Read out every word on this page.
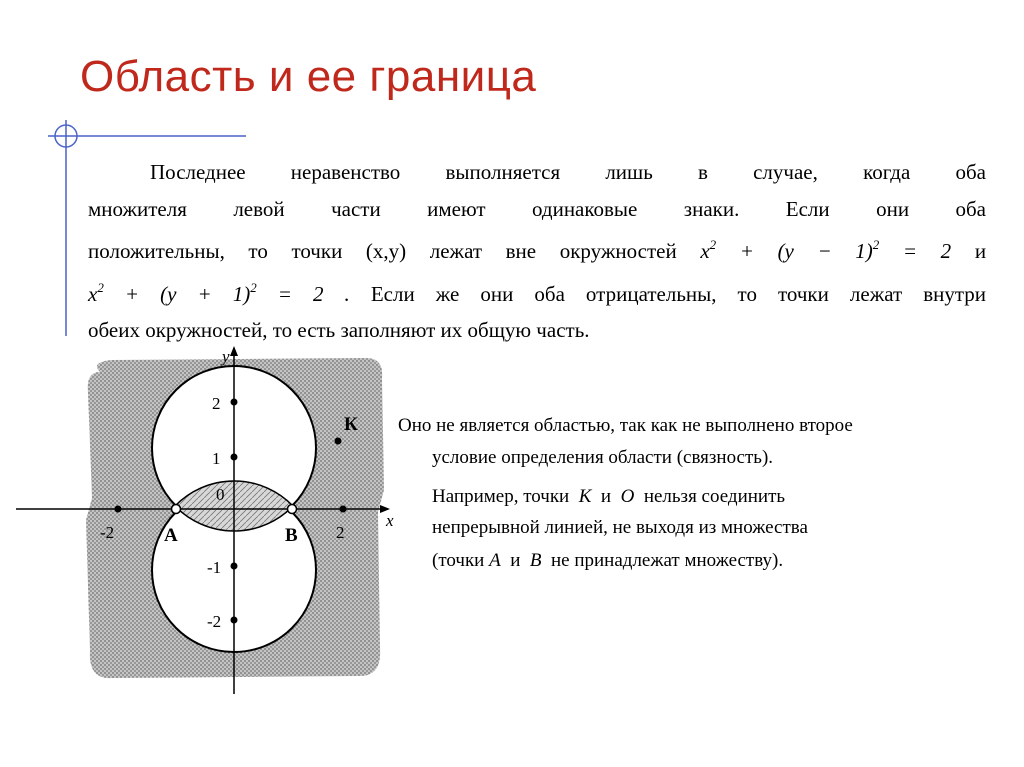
Область и ее граница
Последнее неравенство выполняется лишь в случае, когда оба
множителя левой части имеют одинаковые знаки. Если они оба
положительны, то точки (x,y) лежат вне окружностей $x^2 + (y - 1)^2 = 2$ и
$x^2 + (y + 1)^2 = 2$ . Если же они оба отрицательны, то точки лежат внутри
обеих окружностей, то есть заполняют их общую часть.
y
x
0
2
1
-1
-2
-2	2
A	B
К Оно не является областью, так как не выполнено второе

условие определения области (связность).

Например, точки K и O нельзя соединить

непрерывной линией, не выходя из множества

(точки A и B не принадлежат множеству).
